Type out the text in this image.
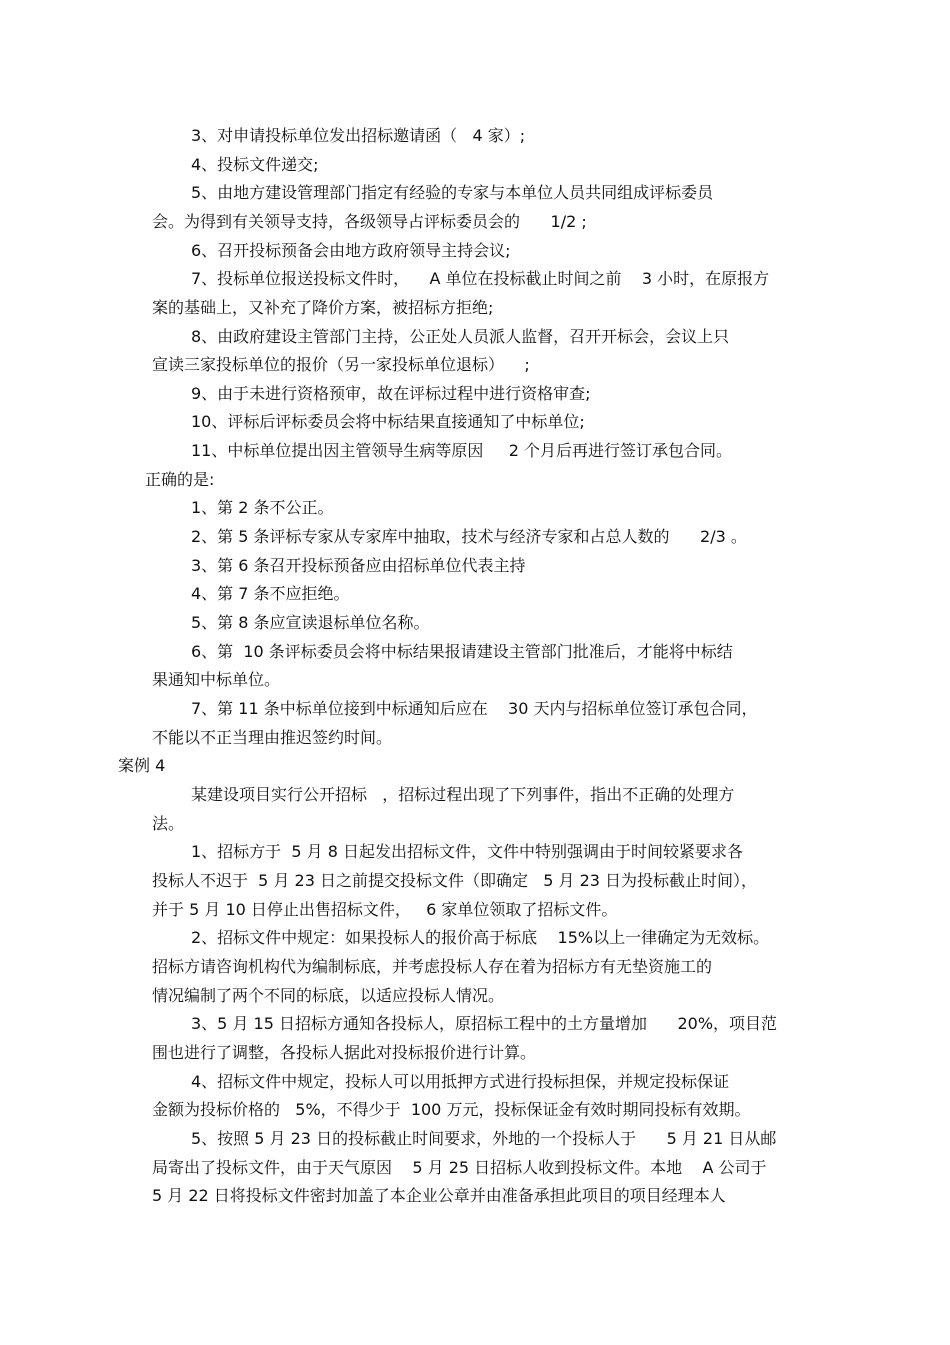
3、对申请投标单位发出招标邀请函（   4 家）;
4、投标文件递交;
5、由地方建设管理部门指定有经验的专家与本单位人员共同组成评标委员
会。为得到有关领导支持，各级领导占评标委员会的      1/2 ;
6、召开投标预备会由地方政府领导主持会议;
7、投标单位报送投标文件时，    A 单位在投标截止时间之前    3 小时，在原报方
案的基础上，又补充了降价方案，被招标方拒绝;
8、由政府建设主管部门主持，公正处人员派人监督，召开开标会，会议上只
宣读三家投标单位的报价（另一家投标单位退标）    ;
9、由于未进行资格预审，故在评标过程中进行资格审查;
10、评标后评标委员会将中标结果直接通知了中标单位;
11、中标单位提出因主管领导生病等原因     2 个月后再进行签订承包合同。
正确的是:
1、第 2 条不公正。
2、第 5 条评标专家从专家库中抽取，技术与经济专家和占总人数的      2/3 。
3、第 6 条召开投标预备应由招标单位代表主持
4、第 7 条不应拒绝。
5、第 8 条应宣读退标单位名称。
6、第  10 条评标委员会将中标结果报请建设主管部门批准后，才能将中标结
果通知中标单位。
7、第 11 条中标单位接到中标通知后应在    30 天内与招标单位签订承包合同，
不能以不正当理由推迟签约时间。
案例 4
某建设项目实行公开招标   ，招标过程出现了下列事件，指出不正确的处理方
法。
1、招标方于  5 月 8 日起发出招标文件，文件中特别强调由于时间较紧要求各
投标人不迟于  5 月 23 日之前提交投标文件（即确定   5 月 23 日为投标截止时间），
并于 5 月 10 日停止出售招标文件，   6 家单位领取了招标文件。
2、招标文件中规定：如果投标人的报价高于标底    15%以上一律确定为无效标。
招标方请咨询机构代为编制标底，并考虑投标人存在着为招标方有无垫资施工的
情况编制了两个不同的标底，以适应投标人情况。
3、5 月 15 日招标方通知各投标人，原招标工程中的土方量增加      20%，项目范
围也进行了调整，各投标人据此对投标报价进行计算。
4、招标文件中规定，投标人可以用抵押方式进行投标担保，并规定投标保证
金额为投标价格的   5%，不得少于  100 万元，投标保证金有效时期同投标有效期。
5、按照 5 月 23 日的投标截止时间要求，外地的一个投标人于      5 月 21 日从邮
局寄出了投标文件，由于天气原因    5 月 25 日招标人收到投标文件。本地    A 公司于
5 月 22 日将投标文件密封加盖了本企业公章并由准备承担此项目的项目经理本人
